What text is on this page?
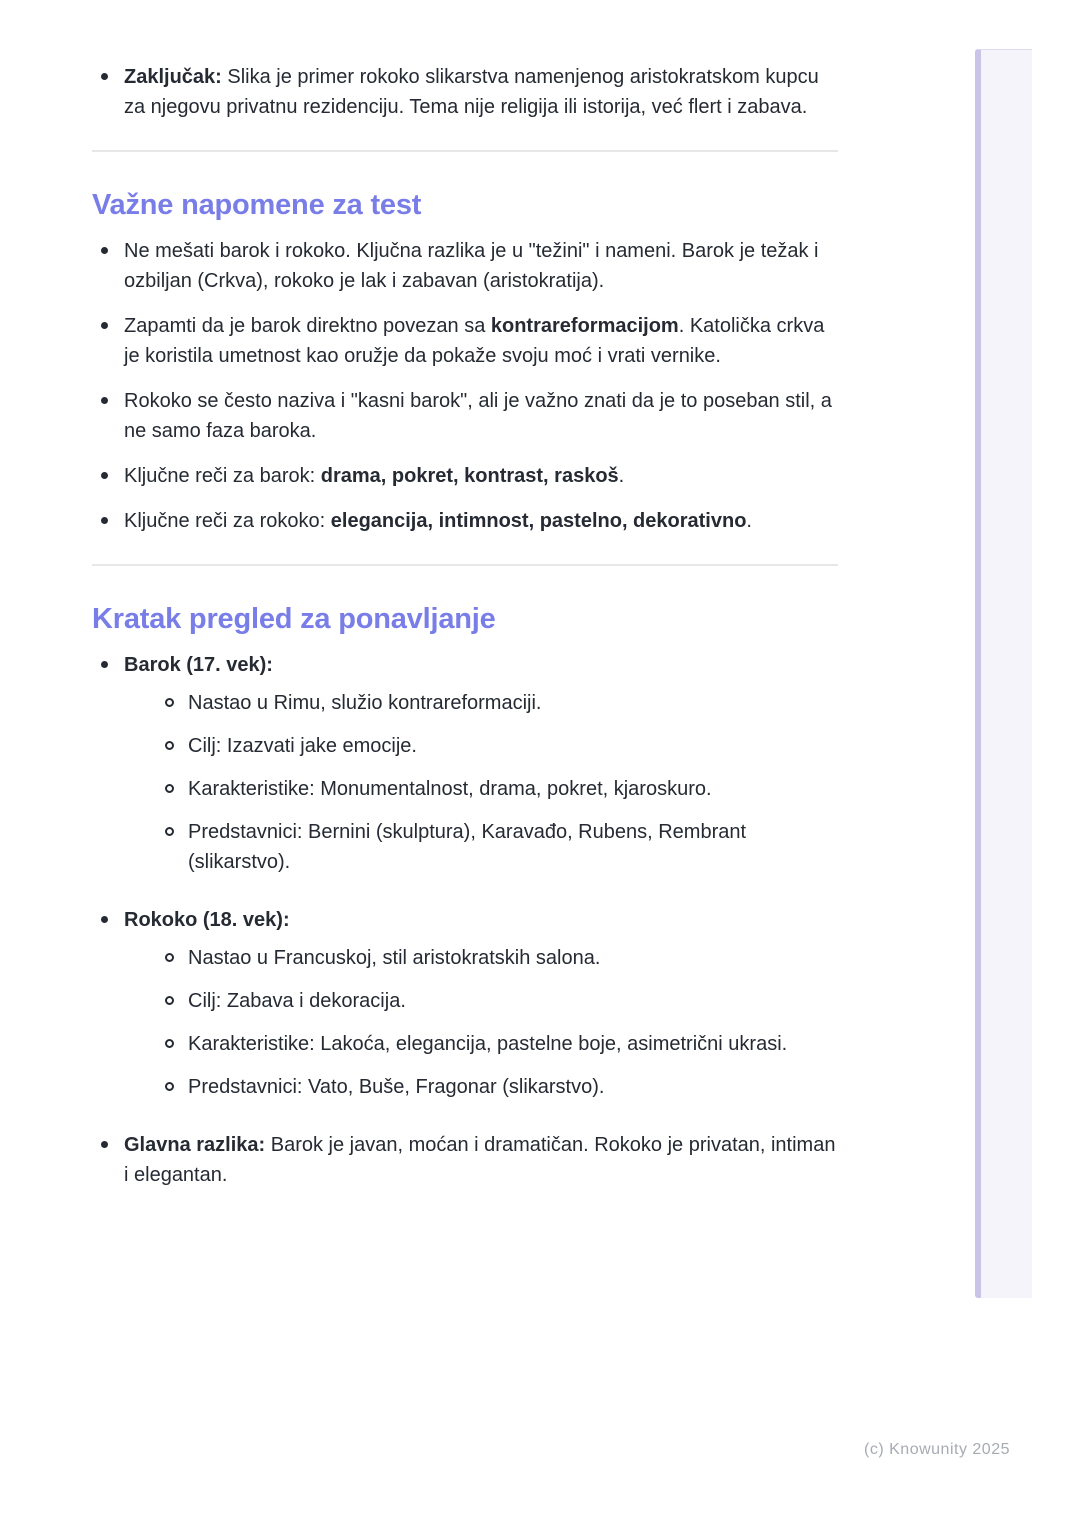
Zaključak: Slika je primer rokoko slikarstva namenjenog aristokratskom kupcu za njegovu privatnu rezidenciju. Tema nije religija ili istorija, već flert i zabava.
Važne napomene za test
Ne mešati barok i rokoko. Ključna razlika je u "težini" i nameni. Barok je težak i ozbiljan (Crkva), rokoko je lak i zabavan (aristokratija).
Zapamti da je barok direktno povezan sa kontrareformacijom. Katolička crkva je koristila umetnost kao oružje da pokaže svoju moć i vrati vernike.
Rokoko se često naziva i "kasni barok", ali je važno znati da je to poseban stil, a ne samo faza baroka.
Ključne reči za barok: drama, pokret, kontrast, raskoš.
Ključne reči za rokoko: elegancija, intimnost, pastelno, dekorativno.
Kratak pregled za ponavljanje
Barok (17. vek):
Nastao u Rimu, služio kontrareformaciji.
Cilj: Izazvati jake emocije.
Karakteristike: Monumentalnost, drama, pokret, kjaroskuro.
Predstavnici: Bernini (skulptura), Karavađo, Rubens, Rembrant (slikarstvo).
Rokoko (18. vek):
Nastao u Francuskoj, stil aristokratskih salona.
Cilj: Zabava i dekoracija.
Karakteristike: Lakoća, elegancija, pastelne boje, asimetrični ukrasi.
Predstavnici: Vato, Buše, Fragonar (slikarstvo).
Glavna razlika: Barok je javan, moćan i dramatičan. Rokoko je privatan, intiman i elegantan.
(c) Knowunity 2025
